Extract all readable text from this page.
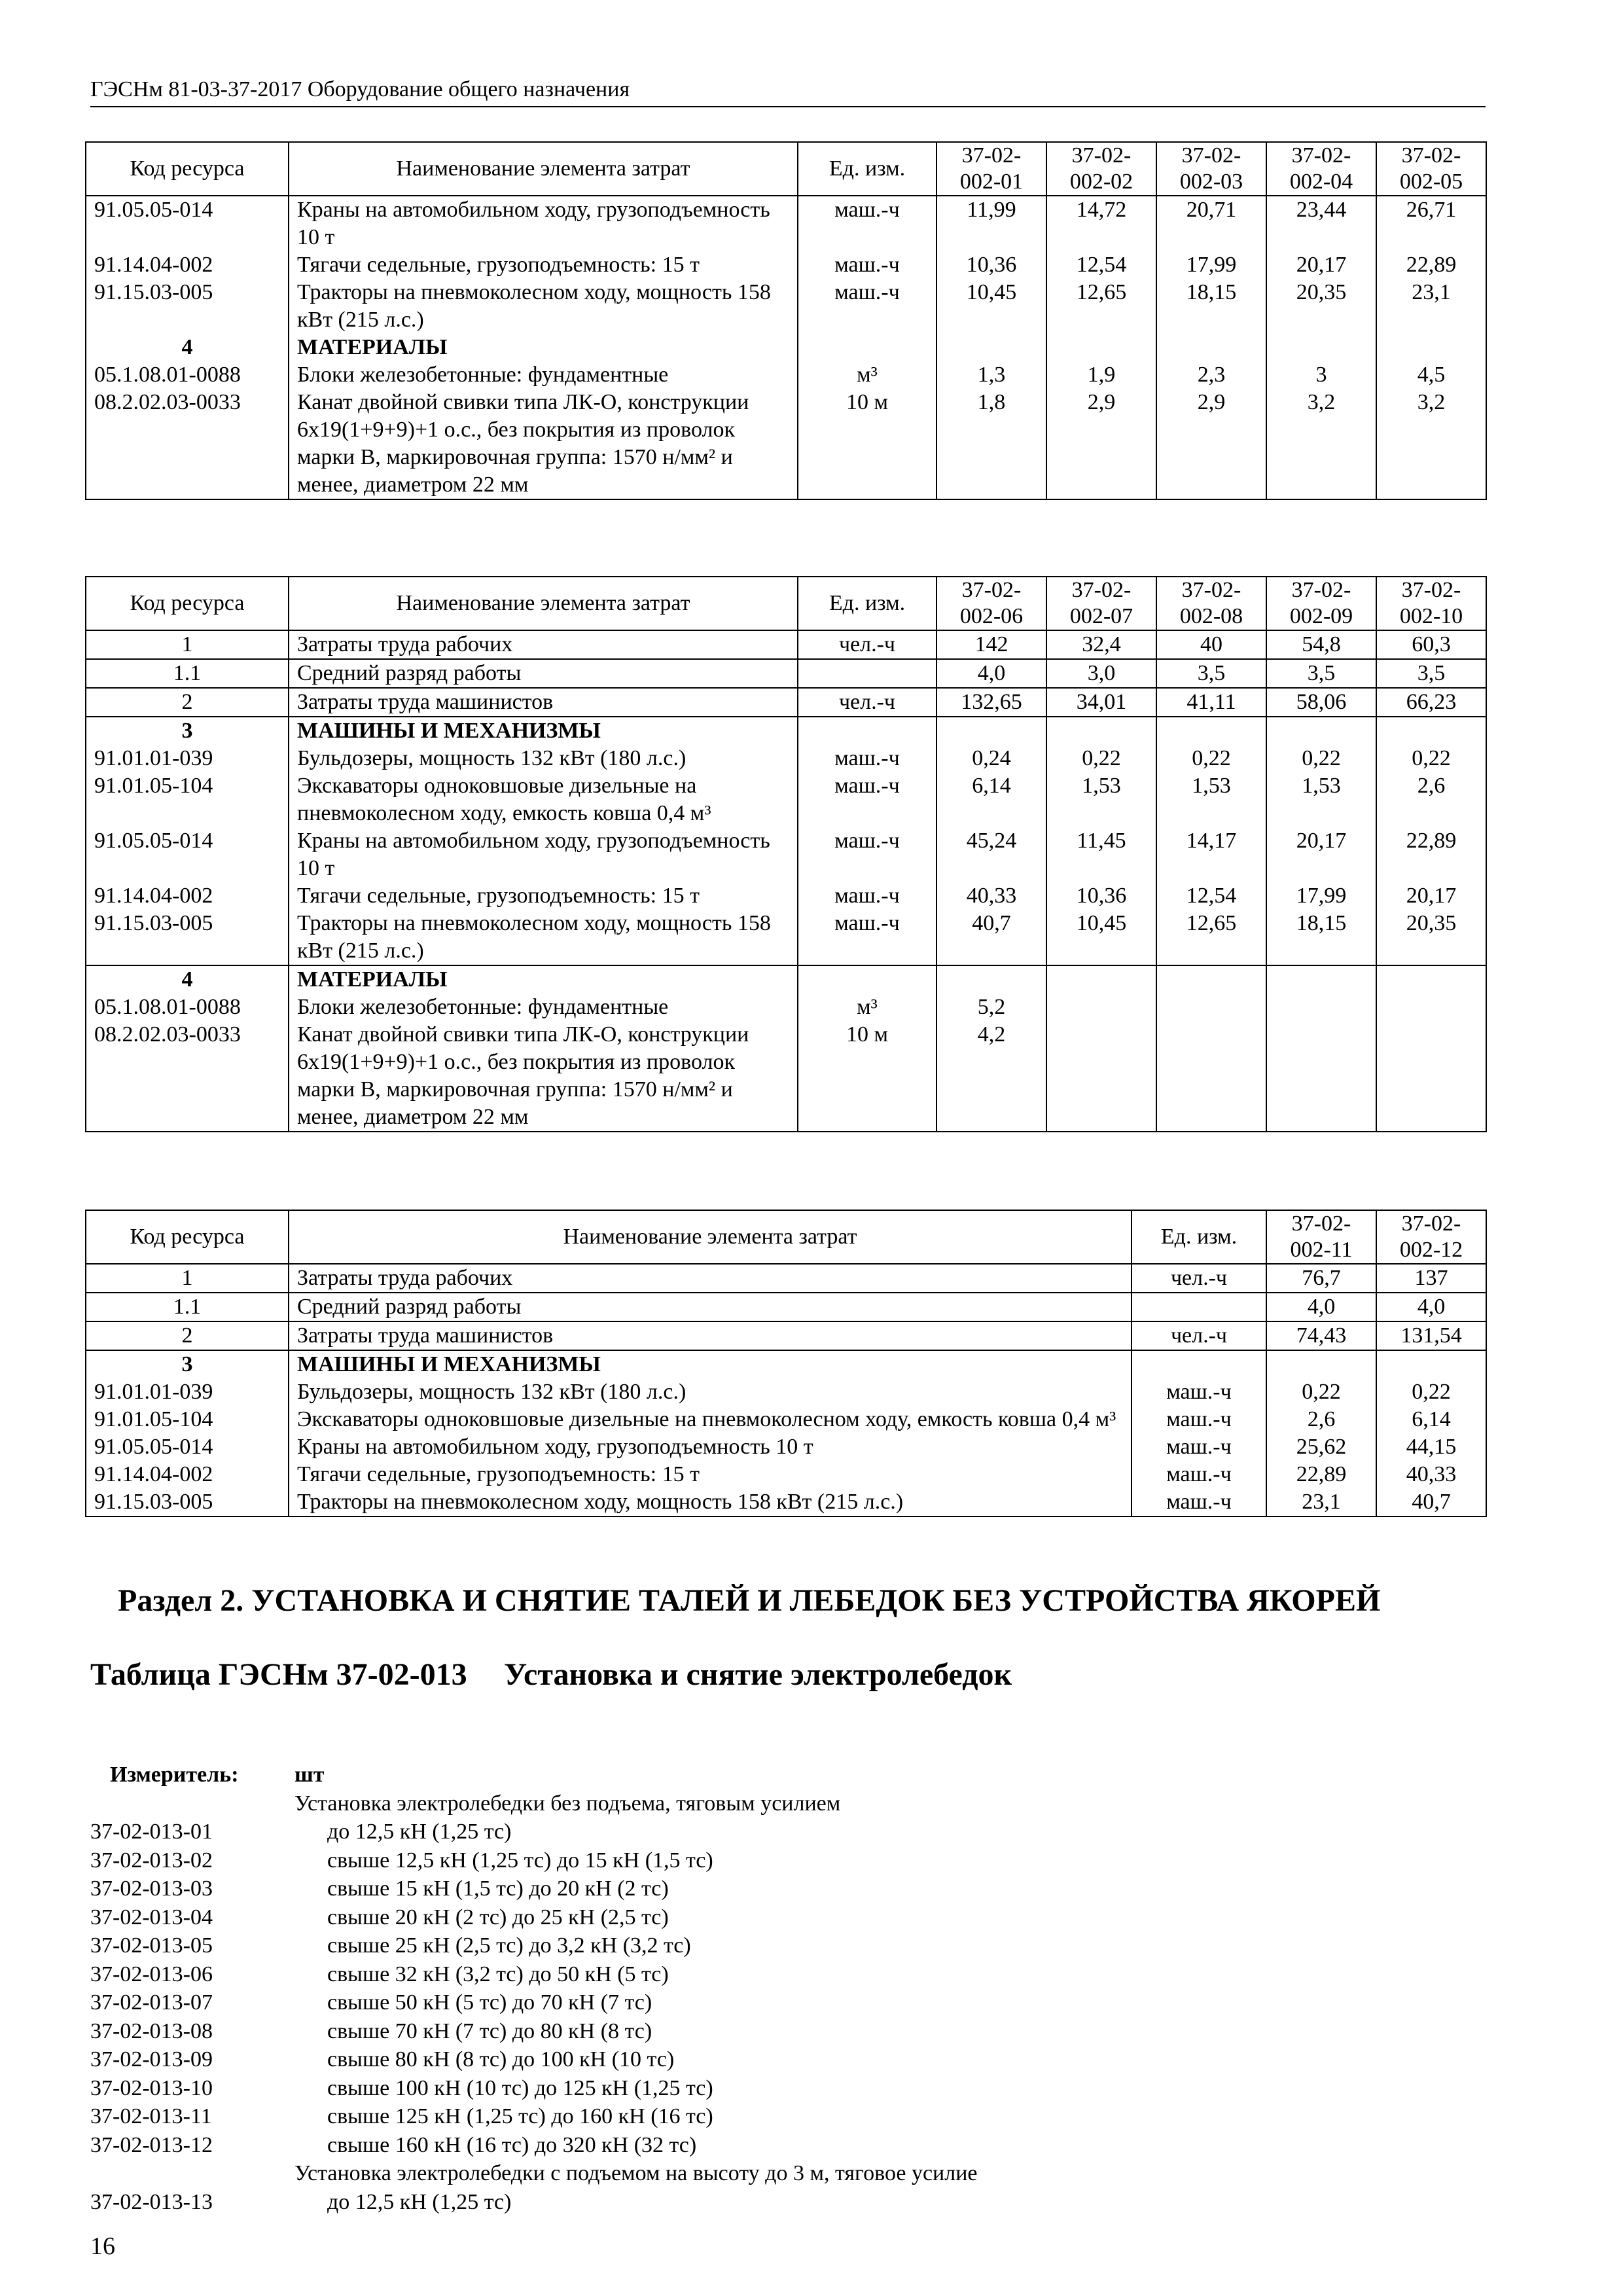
ГЭСНм 81-03-37-2017 Оборудование общего назначения
Код ресурса	Наименование элемента затрат	Ед. изм.	37-02-002-01	37-02-002-02	37-02-002-03	37-02-002-04	37-02-002-05
91.05.05-014	Краны на автомобильном ходу, грузоподъемность 10 т	маш.-ч	11,99	14,72	20,71	23,44	26,71
91.14.04-002	Тягачи седельные, грузоподъемность: 15 т	маш.-ч	10,36	12,54	17,99	20,17	22,89
91.15.03-005	Тракторы на пневмоколесном ходу, мощность 158 кВт (215 л.с.)	маш.-ч	10,45	12,65	18,15	20,35	23,1
4	МАТЕРИАЛЫ						
05.1.08.01-0088	Блоки железобетонные: фундаментные	м³	1,3	1,9	2,3	3	4,5
08.2.02.03-0033	Канат двойной свивки типа ЛК-О, конструкции 6х19(1+9+9)+1 о.с., без покрытия из проволок марки В, маркировочная группа: 1570 н/мм² и менее, диаметром 22 мм	10 м	1,8	2,9	2,9	3,2	3,2
Код ресурса	Наименование элемента затрат	Ед. изм.	37-02-002-06	37-02-002-07	37-02-002-08	37-02-002-09	37-02-002-10
1	Затраты труда рабочих	чел.-ч	142	32,4	40	54,8	60,3
1.1	Средний разряд работы		4,0	3,0	3,5	3,5	3,5
2	Затраты труда машинистов	чел.-ч	132,65	34,01	41,11	58,06	66,23
3	МАШИНЫ И МЕХАНИЗМЫ						
91.01.01-039	Бульдозеры, мощность 132 кВт (180 л.с.)	маш.-ч	0,24	0,22	0,22	0,22	0,22
91.01.05-104	Экскаваторы одноковшовые дизельные на пневмоколесном ходу, емкость ковша 0,4 м³	маш.-ч	6,14	1,53	1,53	1,53	2,6
91.05.05-014	Краны на автомобильном ходу, грузоподъемность 10 т	маш.-ч	45,24	11,45	14,17	20,17	22,89
91.14.04-002	Тягачи седельные, грузоподъемность: 15 т	маш.-ч	40,33	10,36	12,54	17,99	20,17
91.15.03-005	Тракторы на пневмоколесном ходу, мощность 158 кВт (215 л.с.)	маш.-ч	40,7	10,45	12,65	18,15	20,35
4	МАТЕРИАЛЫ						
05.1.08.01-0088	Блоки железобетонные: фундаментные	м³	5,2				
08.2.02.03-0033	Канат двойной свивки типа ЛК-О, конструкции 6х19(1+9+9)+1 о.с., без покрытия из проволок марки В, маркировочная группа: 1570 н/мм² и менее, диаметром 22 мм	10 м	4,2				
Код ресурса	Наименование элемента затрат	Ед. изм.	37-02-002-11	37-02-002-12
1	Затраты труда рабочих	чел.-ч	76,7	137
1.1	Средний разряд работы		4,0	4,0
2	Затраты труда машинистов	чел.-ч	74,43	131,54
3	МАШИНЫ И МЕХАНИЗМЫ			
91.01.01-039	Бульдозеры, мощность 132 кВт (180 л.с.)	маш.-ч	0,22	0,22
91.01.05-104	Экскаваторы одноковшовые дизельные на пневмоколесном ходу, емкость ковша 0,4 м³	маш.-ч	2,6	6,14
91.05.05-014	Краны на автомобильном ходу, грузоподъемность 10 т	маш.-ч	25,62	44,15
91.14.04-002	Тягачи седельные, грузоподъемность: 15 т	маш.-ч	22,89	40,33
91.15.03-005	Тракторы на пневмоколесном ходу, мощность 158 кВт (215 л.с.)	маш.-ч	23,1	40,7
Раздел 2. УСТАНОВКА И СНЯТИЕ ТАЛЕЙ И ЛЕБЕДОК БЕЗ УСТРОЙСТВА ЯКОРЕЙ
Таблица ГЭСНм 37-02-013 Установка и снятие электролебедок
Измеритель:	шт
Установка электролебедки без подъема, тяговым усилием
37-02-013-01	до 12,5 кН (1,25 тс)
37-02-013-02	свыше 12,5 кН (1,25 тс) до 15 кН (1,5 тс)
37-02-013-03	свыше 15 кН (1,5 тс) до 20 кН (2 тс)
37-02-013-04	свыше 20 кН (2 тс) до 25 кН (2,5 тс)
37-02-013-05	свыше 25 кН (2,5 тс) до 3,2 кН (3,2 тс)
37-02-013-06	свыше 32 кН (3,2 тс) до 50 кН (5 тс)
37-02-013-07	свыше 50 кН (5 тс) до 70 кН (7 тс)
37-02-013-08	свыше 70 кН (7 тс) до 80 кН (8 тс)
37-02-013-09	свыше 80 кН (8 тс) до 100 кН (10 тс)
37-02-013-10	свыше 100 кН (10 тс) до 125 кН (1,25 тс)
37-02-013-11	свыше 125 кН (1,25 тс) до 160 кН (16 тс)
37-02-013-12	свыше 160 кН (16 тс) до 320 кН (32 тс)
Установка электролебедки с подъемом на высоту до 3 м, тяговое усилие
37-02-013-13	до 12,5 кН (1,25 тс)
16
